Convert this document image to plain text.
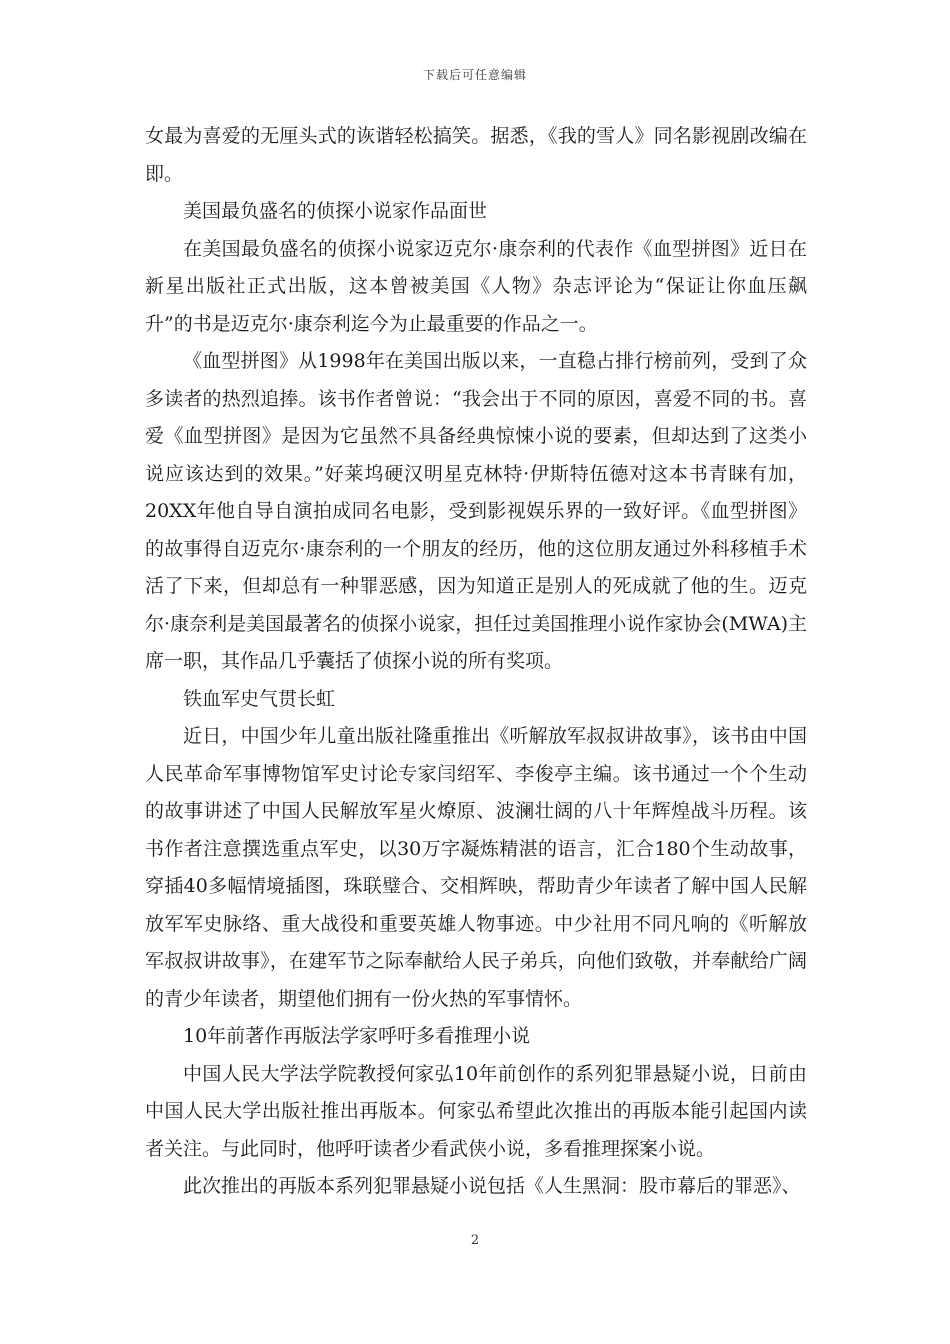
下载后可任意编辑

女最为喜爱的无厘头式的诙谐轻松搞笑。据悉，《我的雪人》同名影视剧改编在即。

美国最负盛名的侦探小说家作品面世

在美国最负盛名的侦探小说家迈克尔·康奈利的代表作《血型拼图》近日在新星出版社正式出版，这本曾被美国《人物》杂志评论为“保证让你血压飙升”的书是迈克尔·康奈利迄今为止最重要的作品之一。

《血型拼图》从1998年在美国出版以来，一直稳占排行榜前列，受到了众多读者的热烈追捧。该书作者曾说：“我会出于不同的原因，喜爱不同的书。喜爱《血型拼图》是因为它虽然不具备经典惊悚小说的要素，但却达到了这类小说应该达到的效果。”好莱坞硬汉明星克林特·伊斯特伍德对这本书青睐有加，20XX年他自导自演拍成同名电影，受到影视娱乐界的一致好评。《血型拼图》的故事得自迈克尔·康奈利的一个朋友的经历，他的这位朋友通过外科移植手术活了下来，但却总有一种罪恶感，因为知道正是别人的死成就了他的生。迈克尔·康奈利是美国最著名的侦探小说家，担任过美国推理小说作家协会(MWA)主席一职，其作品几乎囊括了侦探小说的所有奖项。

铁血军史气贯长虹

近日，中国少年儿童出版社隆重推出《听解放军叔叔讲故事》，该书由中国人民革命军事博物馆军史讨论专家闫绍军、李俊亭主编。该书通过一个个生动的故事讲述了中国人民解放军星火燎原、波澜壮阔的八十年辉煌战斗历程。该书作者注意撰选重点军史，以30万字凝炼精湛的语言，汇合180个生动故事，穿插40多幅情境插图，珠联璧合、交相辉映，帮助青少年读者了解中国人民解放军军史脉络、重大战役和重要英雄人物事迹。中少社用不同凡响的《听解放军叔叔讲故事》，在建军节之际奉献给人民子弟兵，向他们致敬，并奉献给广阔的青少年读者，期望他们拥有一份火热的军事情怀。

10年前著作再版法学家呼吁多看推理小说

中国人民大学法学院教授何家弘10年前创作的系列犯罪悬疑小说，日前由中国人民大学出版社推出再版本。何家弘希望此次推出的再版本能引起国内读者关注。与此同时，他呼吁读者少看武侠小说，多看推理探案小说。

此次推出的再版本系列犯罪悬疑小说包括《人生黑洞：股市幕后的罪恶》、

2
